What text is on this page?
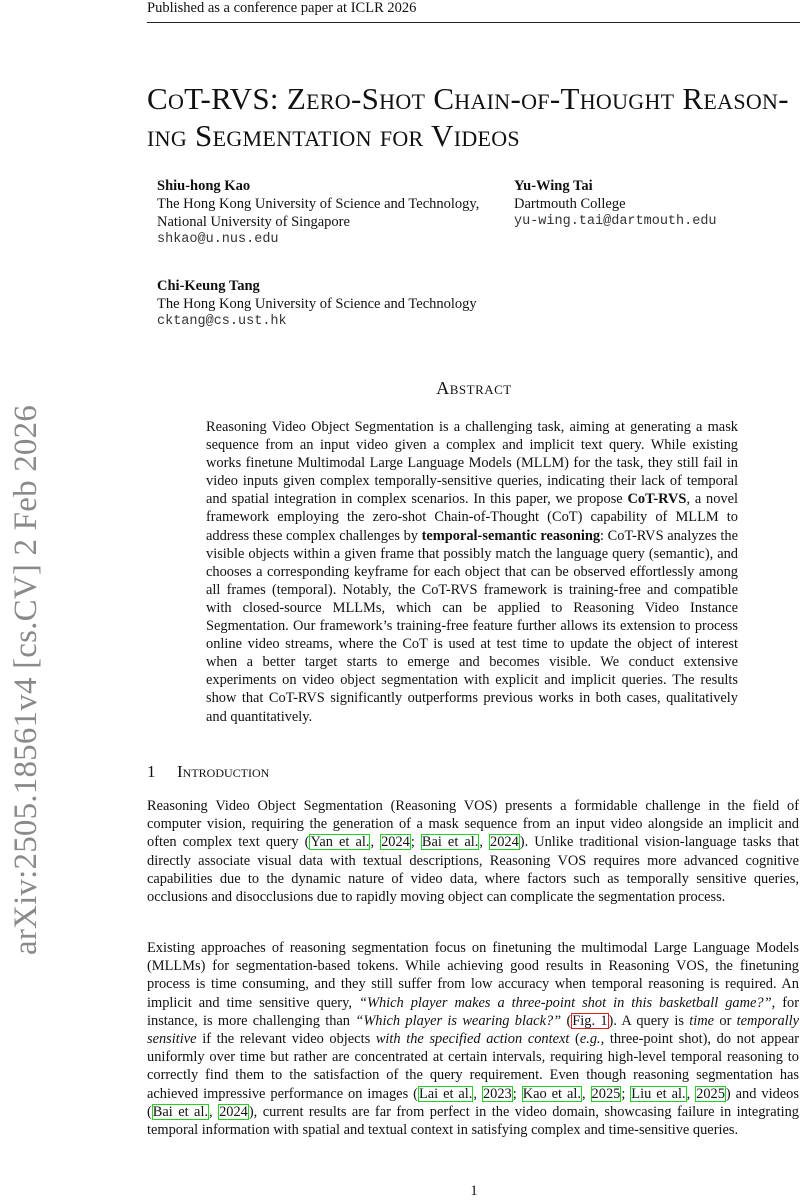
Published as a conference paper at ICLR 2026
arXiv:2505.18561v4 [cs.CV] 2 Feb 2026
CoT-RVS: Zero-Shot Chain-of-Thought Reason-
ing Segmentation for Videos
Shiu-hong Kao
The Hong Kong University of Science and Technology,
National University of Singapore
shkao@u.nus.edu
Yu-Wing Tai
Dartmouth College
yu-wing.tai@dartmouth.edu
Chi-Keung Tang
The Hong Kong University of Science and Technology
cktang@cs.ust.hk
Abstract
Reasoning Video Object Segmentation is a challenging task, aiming at generating a mask sequence from an input video given a complex and implicit text query. While existing works finetune Multimodal Large Language Models (MLLM) for the task, they still fail in video inputs given complex temporally-sensitive queries, indicating their lack of temporal and spatial integration in complex scenarios. In this paper, we propose CoT-RVS, a novel framework employing the zero-shot Chain-of-Thought (CoT) capability of MLLM to address these complex challenges by temporal-semantic reasoning: CoT-RVS analyzes the visible objects within a given frame that possibly match the language query (semantic), and chooses a corresponding keyframe for each object that can be observed effortlessly among all frames (temporal). Notably, the CoT-RVS framework is training-free and compatible with closed-source MLLMs, which can be applied to Reasoning Video Instance Segmentation. Our framework’s training-free feature further allows its extension to process online video streams, where the CoT is used at test time to update the object of interest when a better target starts to emerge and becomes visible. We conduct extensive experiments on video object segmentation with explicit and implicit queries. The results show that CoT-RVS significantly outperforms previous works in both cases, qualitatively and quantitatively.
1 Introduction
Reasoning Video Object Segmentation (Reasoning VOS) presents a formidable challenge in the field of computer vision, requiring the generation of a mask sequence from an input video alongside an implicit and often complex text query (Yan et al., 2024; Bai et al., 2024). Unlike traditional vision-language tasks that directly associate visual data with textual descriptions, Reasoning VOS requires more advanced cognitive capabilities due to the dynamic nature of video data, where factors such as temporally sensitive queries, occlusions and disocclusions due to rapidly moving object can complicate the segmentation process.
Existing approaches of reasoning segmentation focus on finetuning the multimodal Large Language Models (MLLMs) for segmentation-based tokens. While achieving good results in Reasoning VOS, the finetuning process is time consuming, and they still suffer from low accuracy when temporal reasoning is required. An implicit and time sensitive query, “Which player makes a three-point shot in this basketball game?”, for instance, is more challenging than “Which player is wearing black?” (Fig. 1). A query is time or temporally sensitive if the relevant video objects with the specified action context (e.g., three-point shot), do not appear uniformly over time but rather are concentrated at certain intervals, requiring high-level temporal reasoning to correctly find them to the satisfaction of the query requirement. Even though reasoning segmentation has achieved impressive performance on images (Lai et al., 2023; Kao et al., 2025; Liu et al., 2025) and videos (Bai et al., 2024), current results are far from perfect in the video domain, showcasing failure in integrating temporal information with spatial and textual context in satisfying complex and time-sensitive queries.
1
